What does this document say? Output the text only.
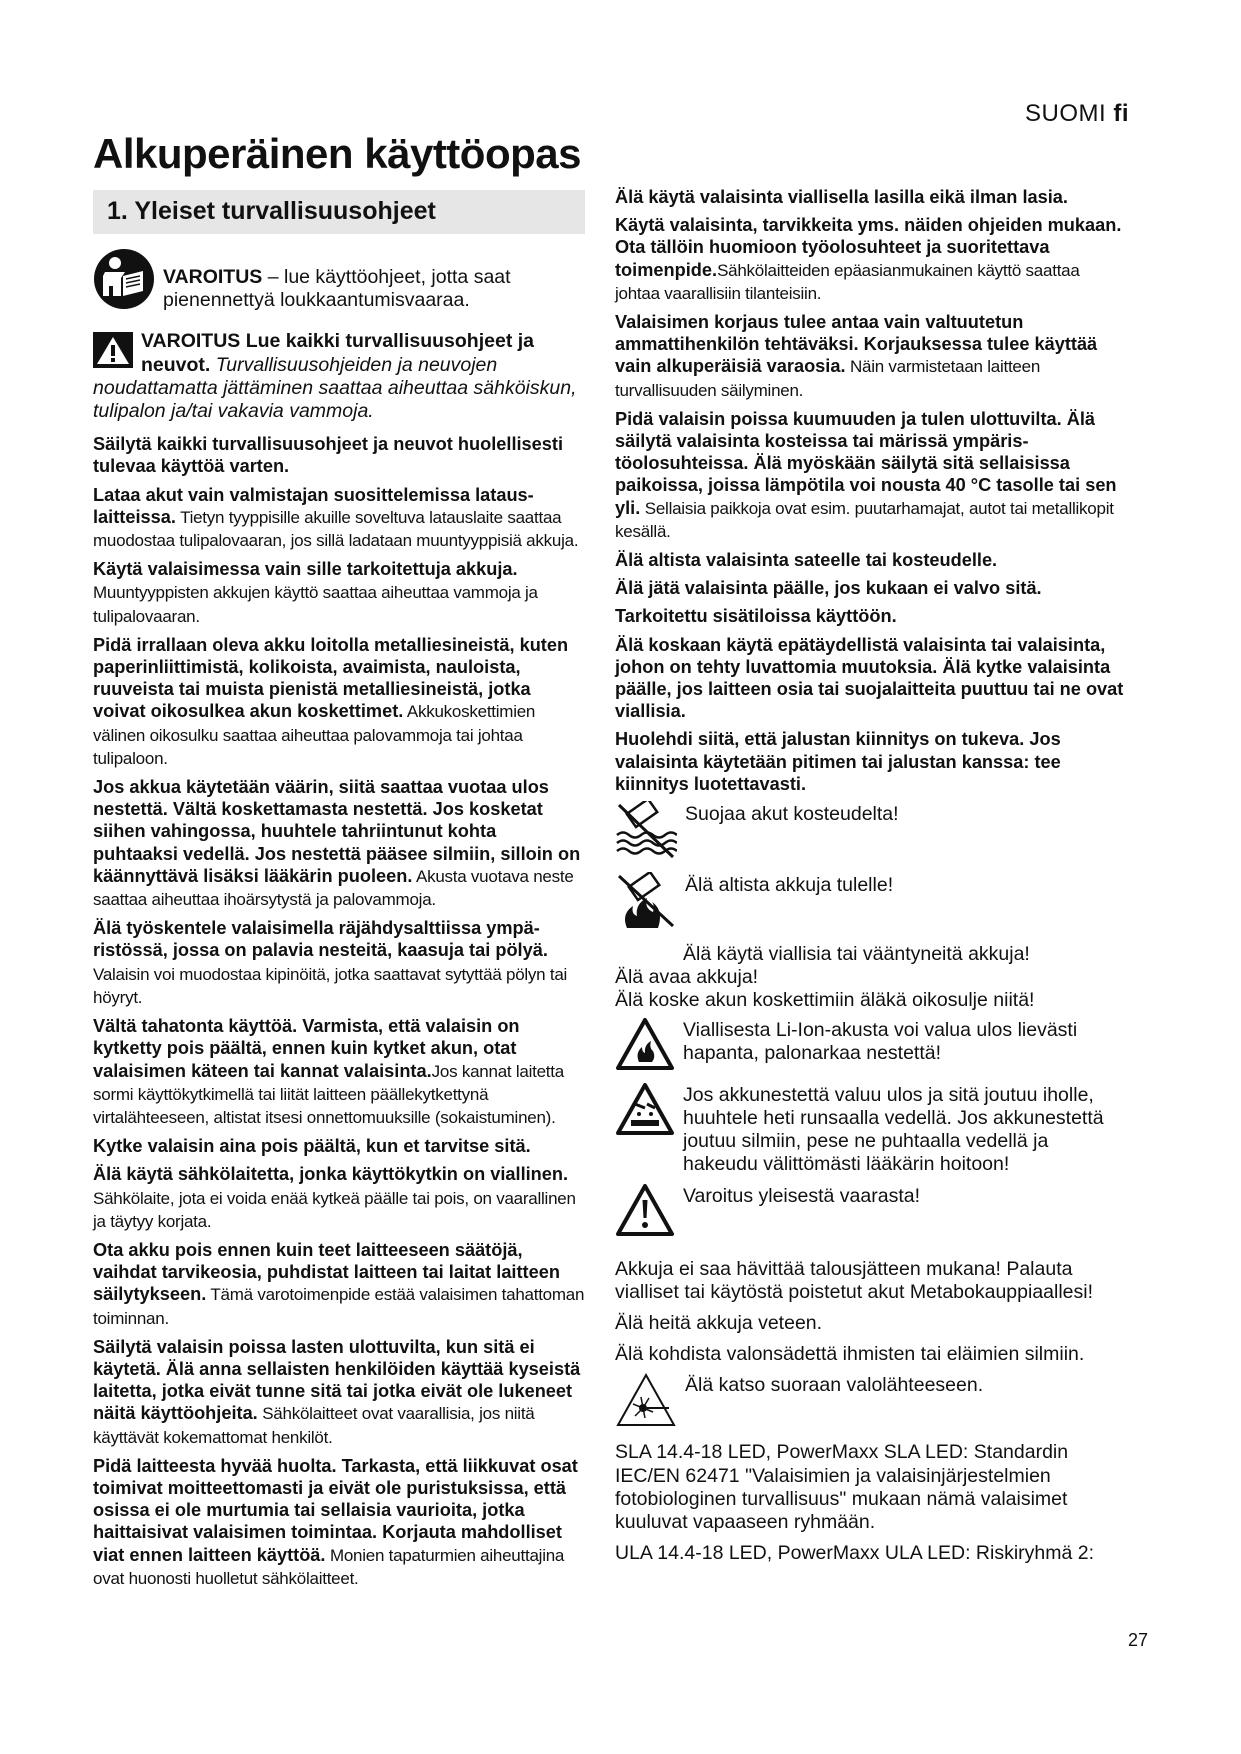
SUOMI fi
Alkuperäinen käyttöopas
1. Yleiset turvallisuusohjeet

VAROITUS – lue käyttöohjeet, jotta saat pienennettyä loukkaantumisvaaraa.

VAROITUS Lue kaikki turvallisuusohjeet ja neuvot. Turvallisuusohjeiden ja neuvojen noudattamatta jättäminen saattaa aiheuttaa sähköiskun, tulipalon ja/tai vakavia vammoja.

Säilytä kaikki turvallisuusohjeet ja neuvot huolellisesti tulevaa käyttöä varten.

Lataa akut vain valmistajan suosittelemissa latauslaitteissa. Tietyn tyyppisille akuille soveltuva latauslaite saattaa muodostaa tulipalovaaran, jos sillä ladataan muuntyyppisiä akkuja.

Käytä valaisimessa vain sille tarkoitettuja akkuja. Muuntyyppisten akkujen käyttö saattaa aiheuttaa vammoja ja tulipalovaaran.

Pidä irrallaan oleva akku loitolla metalliesineistä, kuten paperinliittimistä, kolikoista, avaimista, nauloista, ruuveista tai muista pienistä metalliesineistä, jotka voivat oikosulkea akun koskettimet. Akkukoskettimien välinen oikosulku saattaa aiheuttaa palovammoja tai johtaa tulipaloon.

Jos akkua käytetään väärin, siitä saattaa vuotaa ulos nestettä. Vältä koskettamasta nestettä. Jos kosketat siihen vahingossa, huuhtele tahriintunut kohta puhtaaksi vedellä. Jos nestettä pääsee silmiin, silloin on käännyttävä lisäksi lääkärin puoleen. Akusta vuotava neste saattaa aiheuttaa ihoärsytystä ja palovammoja.

Älä työskentele valaisimella räjähdysalttiissa ympäristössä, jossa on palavia nesteitä, kaasuja tai pölyä. Valaisin voi muodostaa kipinöitä, jotka saattavat sytyttää pölyn tai höyryt.

Vältä tahatonta käyttöä. Varmista, että valaisin on kytketty pois päältä, ennen kuin kytket akun, otat valaisimen käteen tai kannat valaisinta.Jos kannat laitetta sormi käyttökytkimellä tai liität laitteen päällekytkettynä virtalähteeseen, altistat itsesi onnettomuuksille (sokaistuminen).

Kytke valaisin aina pois päältä, kun et tarvitse sitä.

Älä käytä sähkölaitetta, jonka käyttökytkin on viallinen. Sähkölaite, jota ei voida enää kytkeä päälle tai pois, on vaarallinen ja täytyy korjata.

Ota akku pois ennen kuin teet laitteeseen säätöjä, vaihdat tarvikeosia, puhdistat laitteen tai laitat laitteen säilytykseen. Tämä varotoimenpide estää valaisimen tahattoman toiminnan.

Säilytä valaisin poissa lasten ulottuvilta, kun sitä ei käytetä. Älä anna sellaisten henkilöiden käyttää kyseistä laitetta, jotka eivät tunne sitä tai jotka eivät ole lukeneet näitä käyttöohjeita. Sähkölaitteet ovat vaarallisia, jos niitä käyttävät kokemattomat henkilöt.

Pidä laitteesta hyvää huolta. Tarkasta, että liikkuvat osat toimivat moitteettomasti ja eivät ole puristuksissa, että osissa ei ole murtumia tai sellaisia vaurioita, jotka haittaisivat valaisimen toimintaa. Korjauta mahdolliset viat ennen laitteen käyttöä. Monien tapaturmien aiheuttajina ovat huonosti huolletut sähkölaitteet.

Älä käytä valaisinta viallisella lasilla eikä ilman lasia.

Käytä valaisinta, tarvikkeita yms. näiden ohjeiden mukaan. Ota tällöin huomioon työolosuhteet ja suoritettava toimenpide.Sähkölaitteiden epäasianmukainen käyttö saattaa johtaa vaarallisiin tilanteisiin.

Valaisimen korjaus tulee antaa vain valtuutetun ammattihenkilön tehtäväksi. Korjauksessa tulee käyttää vain alkuperäisiä varaosia. Näin varmistetaan laitteen turvallisuuden säilyminen.

Pidä valaisin poissa kuumuuden ja tulen ulottuvilta. Älä säilytä valaisinta kosteissa tai märissä ympäristöolosuhteissa. Älä myöskään säilytä sitä sellaisissa paikoissa, joissa lämpötila voi nousta 40 °C tasolle tai sen yli. Sellaisia paikkoja ovat esim. puutarhamajat, autot tai metallikopit kesällä.

Älä altista valaisinta sateelle tai kosteudelle.

Älä jätä valaisinta päälle, jos kukaan ei valvo sitä.

Tarkoitettu sisätiloissa käyttöön.

Älä koskaan käytä epätäydellistä valaisinta tai valaisinta, johon on tehty luvattomia muutoksia. Älä kytke valaisinta päälle, jos laitteen osia tai suojalaitteita puuttuu tai ne ovat viallisia.

Huolehdi siitä, että jalustan kiinnitys on tukeva. Jos valaisinta käytetään pitimen tai jalustan kanssa: tee kiinnitys luotettavasti.

Suojaa akut kosteudelta!
Älä altista akkuja tulelle!
Älä käytä viallisia tai vääntyneitä akkuja!

Älä avaa akkuja!

Älä koske akun koskettimiin äläkä oikosulje niitä!

Viallisesta Li-Ion-akusta voi valua ulos lievästi hapanta, palonarkaa nestettä!
Jos akkunestettä valuu ulos ja sitä joutuu iholle, huuhtele heti runsaalla vedellä. Jos akkunestettä joutuu silmiin, pese ne puhtaalla vedellä ja hakeudu välittömästi lääkärin hoitoon!
Varoitus yleisestä vaarasta!

Akkuja ei saa hävittää talousjätteen mukana! Palauta vialliset tai käytöstä poistetut akut Metabokauppiaallesi!

Älä heitä akkuja veteen.

Älä kohdista valonsädettä ihmisten tai eläimien silmiin.

Älä katso suoraan valolähteeseen.

SLA 14.4-18 LED, PowerMaxx SLA LED: Standardin IEC/EN 62471 "Valaisimien ja valaisinjärjestelmien fotobiologinen turvallisuus" mukaan nämä valaisimet kuuluvat vapaaseen ryhmään.

ULA 14.4-18 LED, PowerMaxx ULA LED: Riskiryhmä 2:

27
